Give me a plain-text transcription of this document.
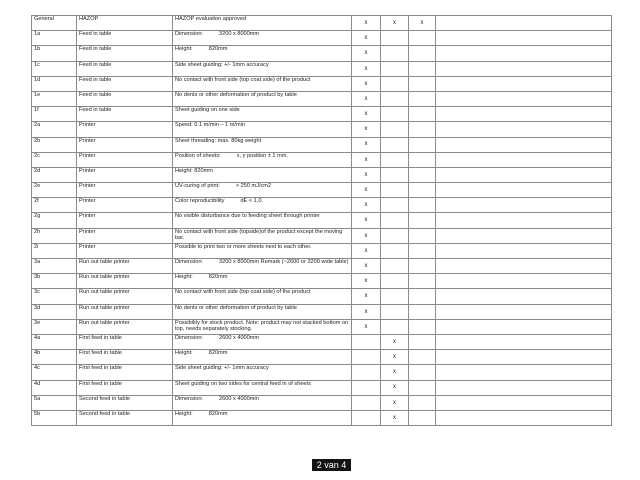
General	HAZOP	HAZOP evaluation approved	x	x	x	
1a	Feed in table	Dimension: 3200 x 8000mm	x			
1b	Feed in table	Height: 820mm	x			
1c	Feed in table	Side sheet guiding: +/- 1mm accuracy	x			
1d	Feed in table	No contact with front side (top coat side) of the product	x			
1e	Feed in table	No dents or other deformation of product by table	x			
1f	Feed in table	Sheet guiding on one side	x			
2a	Printer	Speed: 0.1 m/min – 1 m/min	x			
2b	Printer	Sheet threading: max. 80kg weight	x			
2c	Printer	Position of sheets: x, y position ± 1 mm.	x			
2d	Printer	Height: 820mm	x			
2e	Printer	UV-curing of print: > 250 mJ/cm2	x			
2f	Printer	Color reproducibility dE < 1,0.	x			
2g	Printer	No visible disturbance due to feeding sheet through printer	x			
2h	Printer	No contact with front side (topside)of the product except the moving bar.	x			
2i	Printer	Possible to print two or more sheets next to each other.	x			
3a	Run out table printer	Dimension: 3200 x 8000mm Remark (~2600 or 3200 wide table)	x			
3b	Run out table printer	Height: 820mm	x			
3c	Run out table printer	No contact with front side (top coat side) of the product	x			
3d	Run out table printer	No dents or other deformation of product by table	x			
3e	Run out table printer	Possibility for stock product. Note: product may not stacked bottom on top, needs separately stocking.	x			
4a	First feed in table	Dimension: 2600 x 4000mm		x		
4b	First feed in table	Height: 820mm		x		
4c	First feed in table	Side sheet guiding: +/- 1mm accuracy		x		
4d	First feed in table	Sheet guiding on two sides for central feed in of sheets		x		
5a	Second feed in table	Dimension: 2600 x 4000mm		x		
5b	Second feed in table	Height: 820mm		x		
2 van 4
